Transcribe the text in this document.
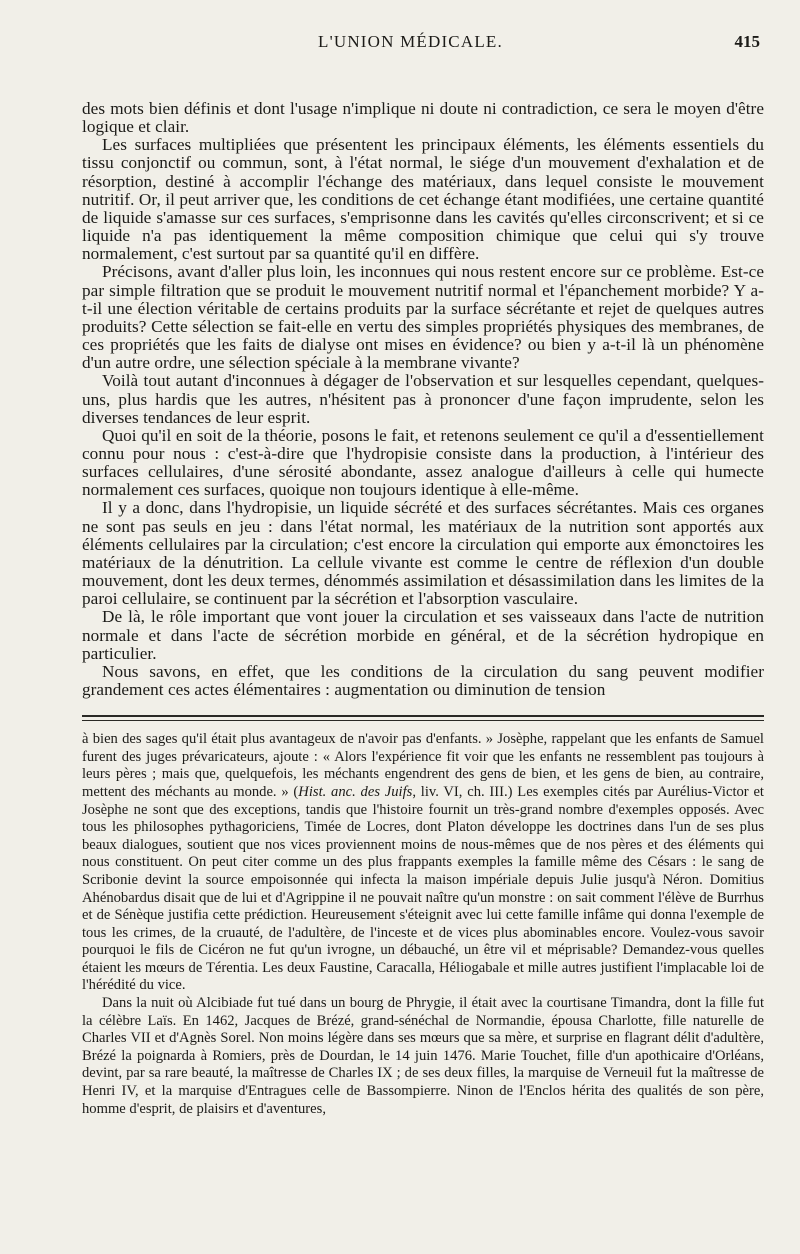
L'UNION MÉDICALE.	415

des mots bien définis et dont l'usage n'implique ni doute ni contradiction, ce sera le moyen d'être logique et clair.

Les surfaces multipliées que présentent les principaux éléments, les éléments essentiels du tissu conjonctif ou commun, sont, à l'état normal, le siége d'un mouvement d'exhalation et de résorption, destiné à accomplir l'échange des matériaux, dans lequel consiste le mouvement nutritif. Or, il peut arriver que, les conditions de cet échange étant modifiées, une certaine quantité de liquide s'amasse sur ces surfaces, s'emprisonne dans les cavités qu'elles circonscrivent; et si ce liquide n'a pas identiquement la même composition chimique que celui qui s'y trouve normalement, c'est surtout par sa quantité qu'il en diffère.

Précisons, avant d'aller plus loin, les inconnues qui nous restent encore sur ce problème. Est-ce par simple filtration que se produit le mouvement nutritif normal et l'épanchement morbide? Y a-t-il une élection véritable de certains produits par la surface sécrétante et rejet de quelques autres produits? Cette sélection se fait-elle en vertu des simples propriétés physiques des membranes, de ces propriétés que les faits de dialyse ont mises en évidence? ou bien y a-t-il là un phénomène d'un autre ordre, une sélection spéciale à la membrane vivante?

Voilà tout autant d'inconnues à dégager de l'observation et sur lesquelles cependant, quelques-uns, plus hardis que les autres, n'hésitent pas à prononcer d'une façon imprudente, selon les diverses tendances de leur esprit.

Quoi qu'il en soit de la théorie, posons le fait, et retenons seulement ce qu'il a d'essentiellement connu pour nous : c'est-à-dire que l'hydropisie consiste dans la production, à l'intérieur des surfaces cellulaires, d'une sérosité abondante, assez analogue d'ailleurs à celle qui humecte normalement ces surfaces, quoique non toujours identique à elle-même.

Il y a donc, dans l'hydropisie, un liquide sécrété et des surfaces sécrétantes. Mais ces organes ne sont pas seuls en jeu : dans l'état normal, les matériaux de la nutrition sont apportés aux éléments cellulaires par la circulation; c'est encore la circulation qui emporte aux émonctoires les matériaux de la dénutrition. La cellule vivante est comme le centre de réflexion d'un double mouvement, dont les deux termes, dénommés assimilation et désassimilation dans les limites de la paroi cellulaire, se continuent par la sécrétion et l'absorption vasculaire.

De là, le rôle important que vont jouer la circulation et ses vaisseaux dans l'acte de nutrition normale et dans l'acte de sécrétion morbide en général, et de la sécrétion hydropique en particulier.

Nous savons, en effet, que les conditions de la circulation du sang peuvent modifier grandement ces actes élémentaires : augmentation ou diminution de tension

à bien des sages qu'il était plus avantageux de n'avoir pas d'enfants. » Josèphe, rappelant que les enfants de Samuel furent des juges prévaricateurs, ajoute : « Alors l'expérience fit voir que les enfants ne ressemblent pas toujours à leurs pères ; mais que, quelquefois, les méchants engendrent des gens de bien, et les gens de bien, au contraire, mettent des méchants au monde. » (Hist. anc. des Juifs, liv. VI, ch. III.) Les exemples cités par Aurélius-Victor et Josèphe ne sont que des exceptions, tandis que l'histoire fournit un très-grand nombre d'exemples opposés. Avec tous les philosophes pythagoriciens, Timée de Locres, dont Platon développe les doctrines dans l'un de ses plus beaux dialogues, soutient que nos vices proviennent moins de nous-mêmes que de nos pères et des éléments qui nous constituent. On peut citer comme un des plus frappants exemples la famille même des Césars : le sang de Scribonie devint la source empoisonnée qui infecta la maison impériale depuis Julie jusqu'à Néron. Domitius Ahénobardus disait que de lui et d'Agrippine il ne pouvait naître qu'un monstre : on sait comment l'élève de Burrhus et de Sénèque justifia cette prédiction. Heureusement s'éteignit avec lui cette famille infâme qui donna l'exemple de tous les crimes, de la cruauté, de l'adultère, de l'inceste et de vices plus abominables encore. Voulez-vous savoir pourquoi le fils de Cicéron ne fut qu'un ivrogne, un débauché, un être vil et méprisable? Demandez-vous quelles étaient les mœurs de Térentia. Les deux Faustine, Caracalla, Héliogabale et mille autres justifient l'implacable loi de l'hérédité du vice.

Dans la nuit où Alcibiade fut tué dans un bourg de Phrygie, il était avec la courtisane Timandra, dont la fille fut la célèbre Laïs. En 1462, Jacques de Brézé, grand-sénéchal de Normandie, épousa Charlotte, fille naturelle de Charles VII et d'Agnès Sorel. Non moins légère dans ses mœurs que sa mère, et surprise en flagrant délit d'adultère, Brézé la poignarda à Romiers, près de Dourdan, le 14 juin 1476. Marie Touchet, fille d'un apothicaire d'Orléans, devint, par sa rare beauté, la maîtresse de Charles IX ; de ses deux filles, la marquise de Verneuil fut la maîtresse de Henri IV, et la marquise d'Entragues celle de Bassompierre. Ninon de l'Enclos hérita des qualités de son père, homme d'esprit, de plaisirs et d'aventures,
